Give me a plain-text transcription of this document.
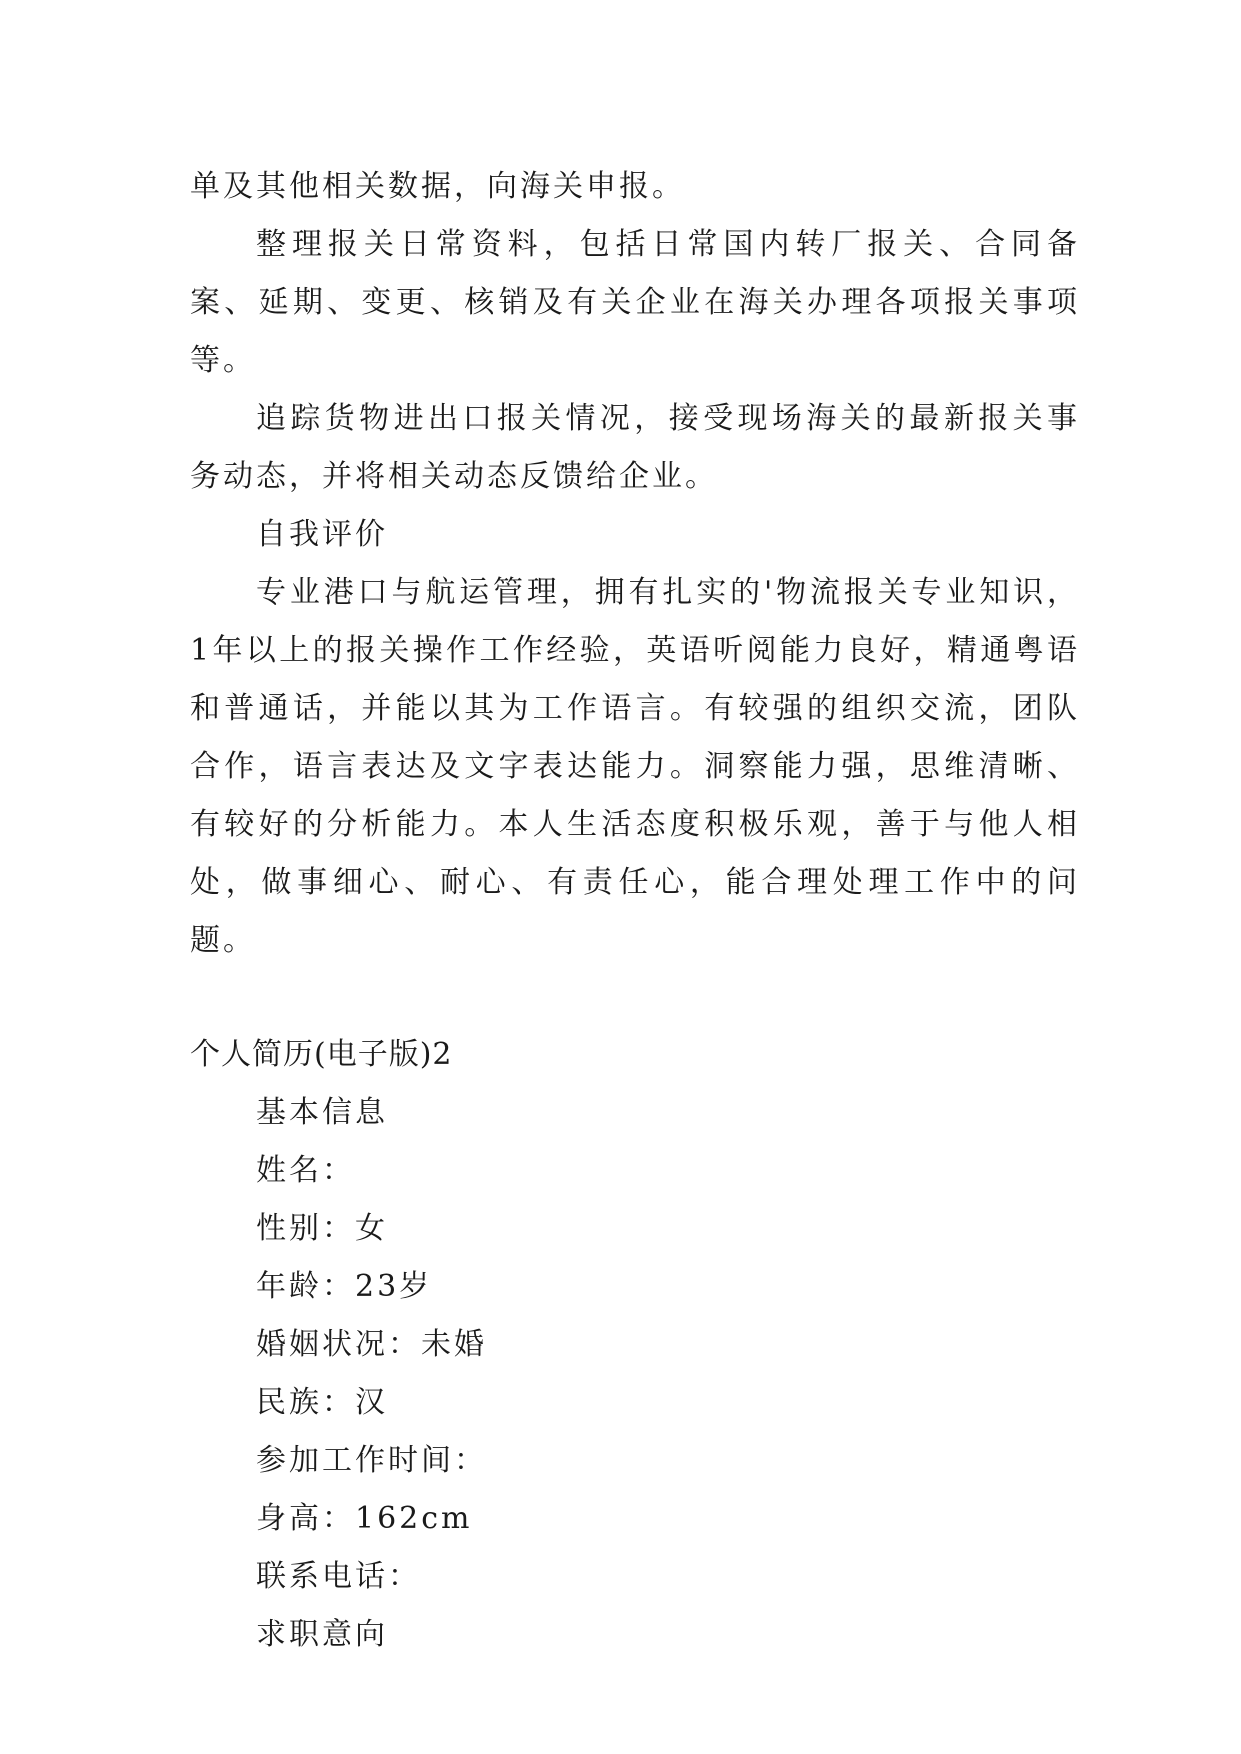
单及其他相关数据，向海关申报。

整理报关日常资料，包括日常国内转厂报关、合同备案、延期、变更、核销及有关企业在海关办理各项报关事项等。

追踪货物进出口报关情况，接受现场海关的最新报关事务动态，并将相关动态反馈给企业。

自我评价

专业港口与航运管理，拥有扎实的'物流报关专业知识，1年以上的报关操作工作经验，英语听阅能力良好，精通粤语和普通话，并能以其为工作语言。有较强的组织交流，团队合作，语言表达及文字表达能力。洞察能力强，思维清晰、有较好的分析能力。本人生活态度积极乐观，善于与他人相处，做事细心、耐心、有责任心，能合理处理工作中的问题。

个人简历(电子版)2

基本信息

姓名：

性别：女

年龄：23岁

婚姻状况：未婚

民族：汉

参加工作时间：

身高：162cm

联系电话：

求职意向
